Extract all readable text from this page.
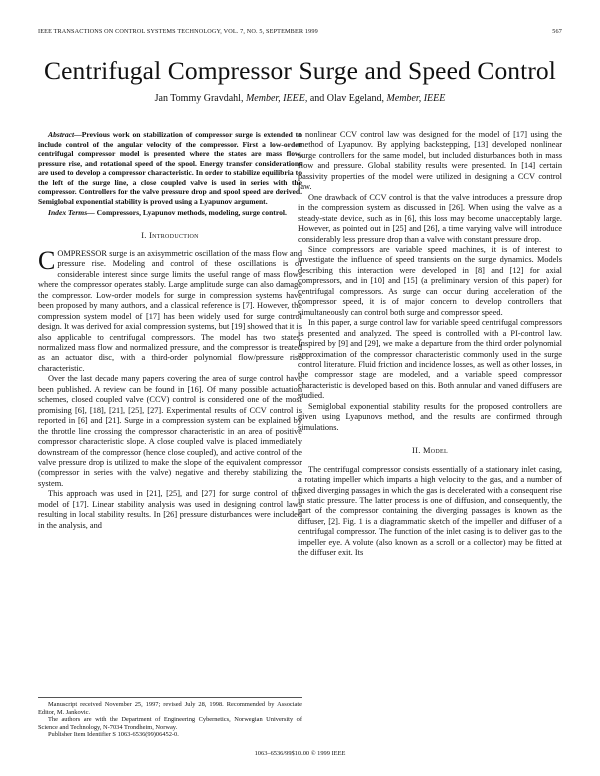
IEEE TRANSACTIONS ON CONTROL SYSTEMS TECHNOLOGY, VOL. 7, NO. 5, SEPTEMBER 1999	567
Centrifugal Compressor Surge and Speed Control
Jan Tommy Gravdahl, Member, IEEE, and Olav Egeland, Member, IEEE

Abstract—Previous work on stabilization of compressor surge is extended to include control of the angular velocity of the compressor. First a low-order centrifugal compressor model is presented where the states are mass flow, pressure rise, and rotational speed of the spool. Energy transfer considerations are used to develop a compressor characteristic. In order to stabilize equilibria to the left of the surge line, a close coupled valve is used in series with the compressor. Controllers for the valve pressure drop and spool speed are derived. Semiglobal exponential stability is proved using a Lyapunov argument.

Index Terms— Compressors, Lyapunov methods, modeling, surge control.

I. Introduction

COMPRESSOR surge is an axisymmetric oscillation of the mass flow and pressure rise. Modeling and control of these oscillations is of considerable interest since surge limits the useful range of mass flows where the compressor operates stably. Large amplitude surge can also damage the compressor. Low-order models for surge in compression systems have been proposed by many authors, and a classical reference is [7]. However, the compression system model of [17] has been widely used for surge control design. It was derived for axial compression systems, but [19] showed that it is also applicable to centrifugal compressors. The model has two states, normalized mass flow and normalized pressure, and the compressor is treated as an actuator disc, with a third-order polynomial flow/pressure rise characteristic.

Over the last decade many papers covering the area of surge control have been published. A review can be found in [16]. Of many possible actuation schemes, closed coupled valve (CCV) control is considered one of the most promising [6], [18], [21], [25], [27]. Experimental results of CCV control is reported in [6] and [21]. Surge in a compression system can be explained by the throttle line crossing the compressor characteristic in an area of positive compressor characteristic slope. A close coupled valve is placed immediately downstream of the compressor (hence close coupled), and active control of the valve pressure drop is utilized to make the slope of the equivalent compressor (compressor in series with the valve) negative and thereby stabilizing the system.

This approach was used in [21], [25], and [27] for surge control of the model of [17]. Linear stability analysis was used in designing control laws resulting in local stability results. In [26] pressure disturbances were included in the analysis, and

a nonlinear CCV control law was designed for the model of [17] using the method of Lyapunov. By applying backstepping, [13] developed nonlinear surge controllers for the same model, but included disturbances both in mass flow and pressure. Global stability results were presented. In [14] certain passivity properties of the model were utilized in designing a CCV control law.

One drawback of CCV control is that the valve introduces a pressure drop in the compression system as discussed in [26]. When using the valve as a steady-state device, such as in [6], this loss may become unacceptably large. However, as pointed out in [25] and [26], a time varying valve will introduce considerably less pressure drop than a valve with constant pressure drop.

Since compressors are variable speed machines, it is of interest to investigate the influence of speed transients on the surge dynamics. Models describing this interaction were developed in [8] and [12] for axial compressors, and in [10] and [15] (a preliminary version of this paper) for centrifugal compressors. As surge can occur during acceleration of the compressor speed, it is of major concern to develop controllers that simultaneously can control both surge and compressor speed.

In this paper, a surge control law for variable speed centrifugal compressors is presented and analyzed. The speed is controlled with a PI-control law. Inspired by [9] and [29], we make a departure from the third order polynomial approximation of the compressor characteristic commonly used in the surge control literature. Fluid friction and incidence losses, as well as other losses, in the compressor stage are modeled, and a variable speed compressor characteristic is developed based on this. Both annular and vaned diffusers are studied.

Semiglobal exponential stability results for the proposed controllers are given using Lyapunovs method, and the results are confirmed through simulations.

II. Model

The centrifugal compressor consists essentially of a stationary inlet casing, a rotating impeller which imparts a high velocity to the gas, and a number of fixed diverging passages in which the gas is decelerated with a consequent rise in static pressure. The latter process is one of diffusion, and consequently, the part of the compressor containing the diverging passages is known as the diffuser, [2]. Fig. 1 is a diagrammatic sketch of the impeller and diffuser of a centrifugal compressor. The function of the inlet casing is to deliver gas to the impeller eye. A volute (also known as a scroll or a collector) may be fitted at the diffuser exit. Its

Manuscript received November 25, 1997; revised July 28, 1998. Recommended by Associate Editor, M. Jankovic.

The authors are with the Department of Engineering Cybernetics, Norwegian University of Science and Technology, N-7034 Trondheim, Norway.

Publisher Item Identifier S 1063-6536(99)06452-0.

1063–6536/99$10.00 © 1999 IEEE
